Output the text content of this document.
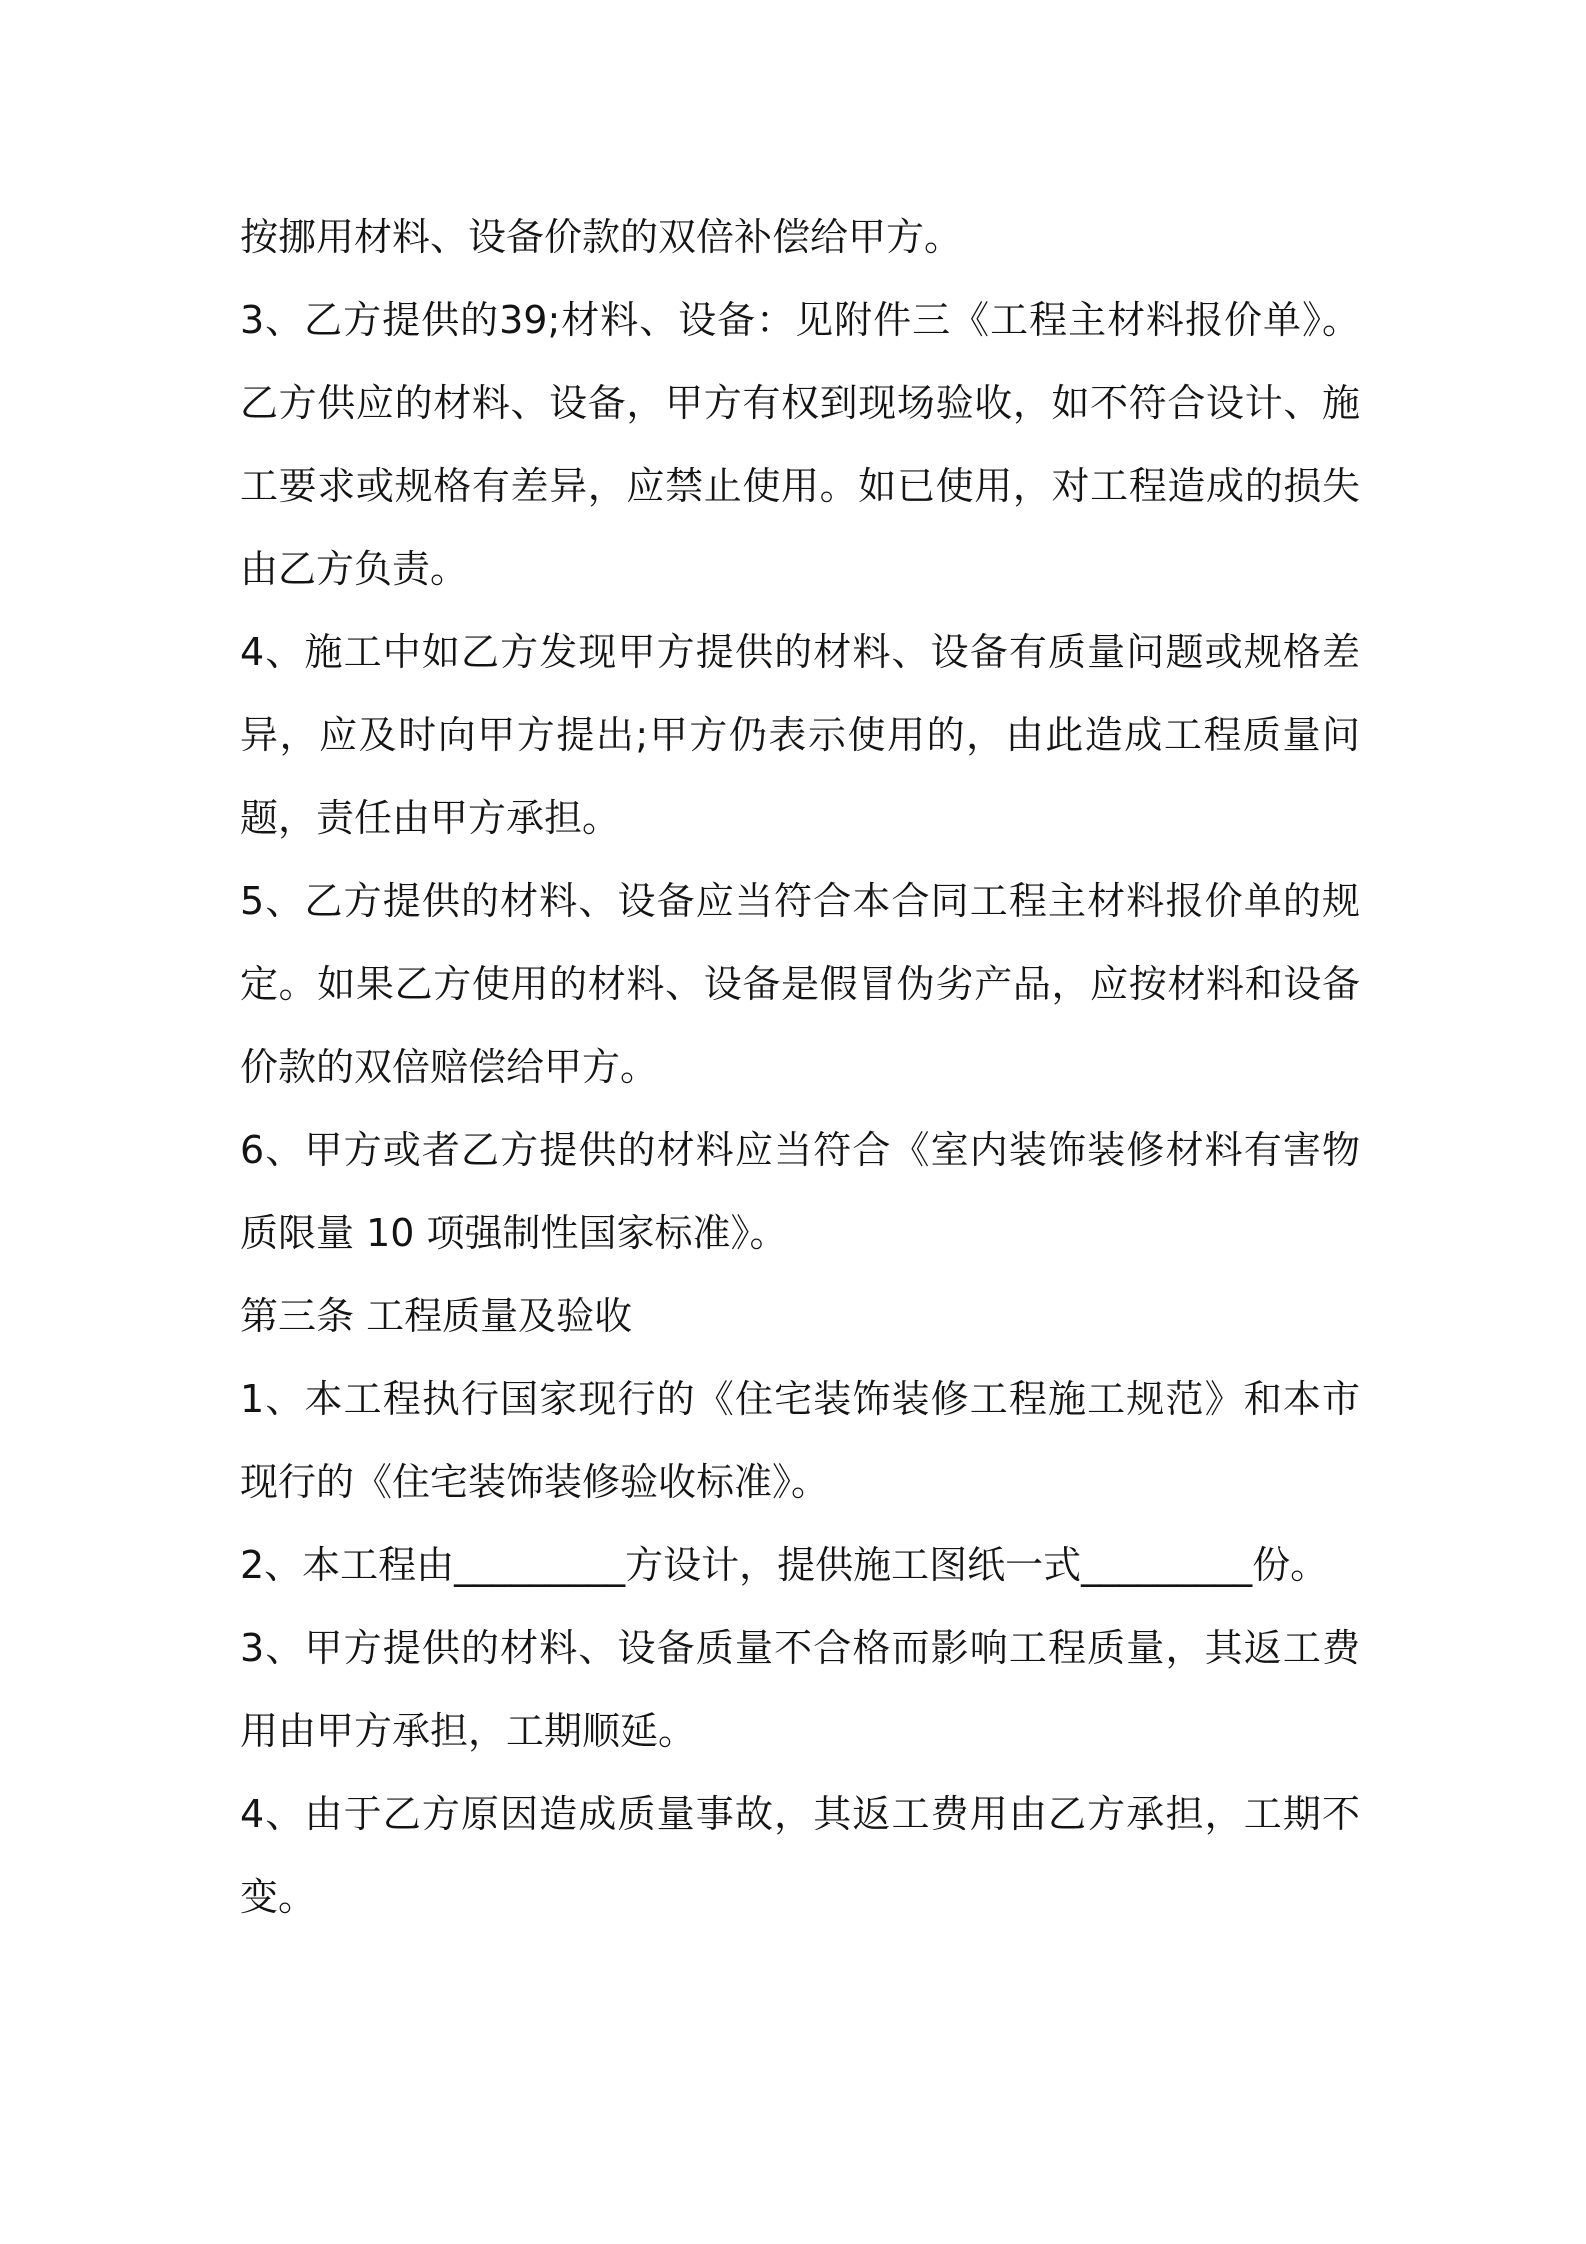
按挪用材料、设备价款的双倍补偿给甲方。

3、乙方提供的39;材料、设备：见附件三《工程主材料报价单》。乙方供应的材料、设备，甲方有权到现场验收，如不符合设计、施工要求或规格有差异，应禁止使用。如已使用，对工程造成的损失由乙方负责。

4、施工中如乙方发现甲方提供的材料、设备有质量问题或规格差异，应及时向甲方提出;甲方仍表示使用的，由此造成工程质量问题，责任由甲方承担。

5、乙方提供的材料、设备应当符合本合同工程主材料报价单的规定。如果乙方使用的材料、设备是假冒伪劣产品，应按材料和设备价款的双倍赔偿给甲方。

6、甲方或者乙方提供的材料应当符合《室内装饰装修材料有害物质限量 10 项强制性国家标准》。

第三条 工程质量及验收

1、本工程执行国家现行的《住宅装饰装修工程施工规范》和本市现行的《住宅装饰装修验收标准》。

2、本工程由_________方设计，提供施工图纸一式_________份。

3、甲方提供的材料、设备质量不合格而影响工程质量，其返工费用由甲方承担，工期顺延。

4、由于乙方原因造成质量事故，其返工费用由乙方承担，工期不变。
